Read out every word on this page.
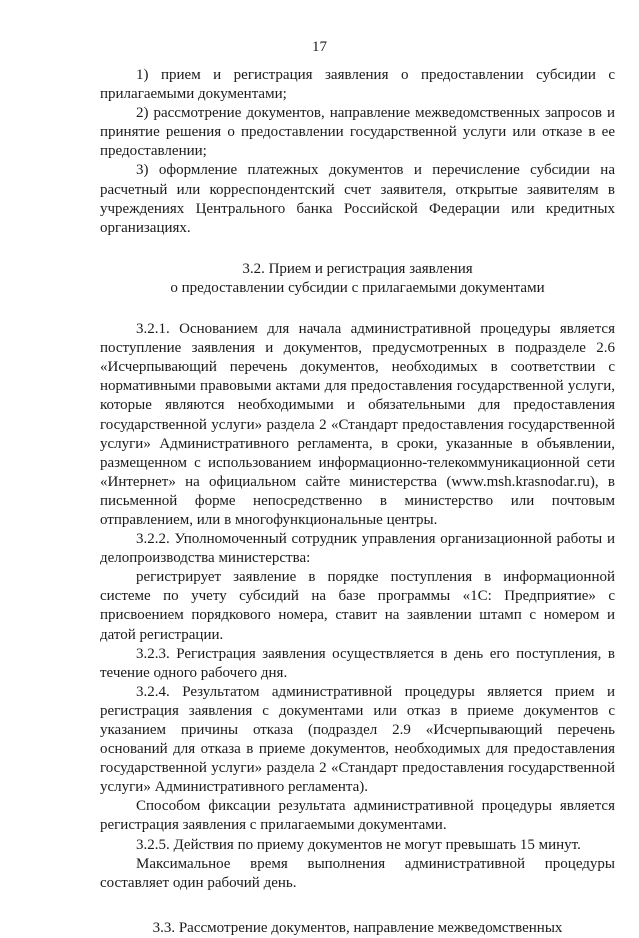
17

1) прием и регистрация заявления о предоставлении субсидии с прилагаемыми документами;

2) рассмотрение документов, направление межведомственных запросов и принятие решения о предоставлении государственной услуги или отказе в ее предоставлении;

3) оформление платежных документов и перечисление субсидии на расчетный или корреспондентский счет заявителя, открытые заявителям в учреждениях Центрального банка Российской Федерации или кредитных организациях.

3.2. Прием и регистрация заявления

о предоставлении субсидии с прилагаемыми документами

3.2.1. Основанием для начала административной процедуры является поступление заявления и документов, предусмотренных в подразделе 2.6 «Исчерпывающий перечень документов, необходимых в соответствии с нормативными правовыми актами для предоставления государственной услуги, которые являются необходимыми и обязательными для предоставления государственной услуги» раздела 2 «Стандарт предоставления государственной услуги» Административного регламента, в сроки, указанные в объявлении, размещенном с использованием информационно-телекоммуникационной сети «Интернет» на официальном сайте министерства (www.msh.krasnodar.ru), в письменной форме непосредственно в министерство или почтовым отправлением, или в многофункциональные центры.

3.2.2. Уполномоченный сотрудник управления организационной работы и делопроизводства министерства:

регистрирует заявление в порядке поступления в информационной системе по учету субсидий на базе программы «1С: Предприятие» с присвоением порядкового номера, ставит на заявлении штамп с номером и датой регистрации.

3.2.3. Регистрация заявления осуществляется в день его поступления, в течение одного рабочего дня.

3.2.4. Результатом административной процедуры является прием и регистрация заявления с документами или отказ в приеме документов с указанием причины отказа (подраздел 2.9 «Исчерпывающий перечень оснований для отказа в приеме документов, необходимых для предоставления государственной услуги» раздела 2 «Стандарт предоставления государственной услуги» Административного регламента).

Способом фиксации результата административной процедуры является регистрация заявления с прилагаемыми документами.

3.2.5. Действия по приему документов не могут превышать 15 минут.

Максимальное время выполнения административной процедуры составляет один рабочий день.

3.3. Рассмотрение документов, направление межведомственных
